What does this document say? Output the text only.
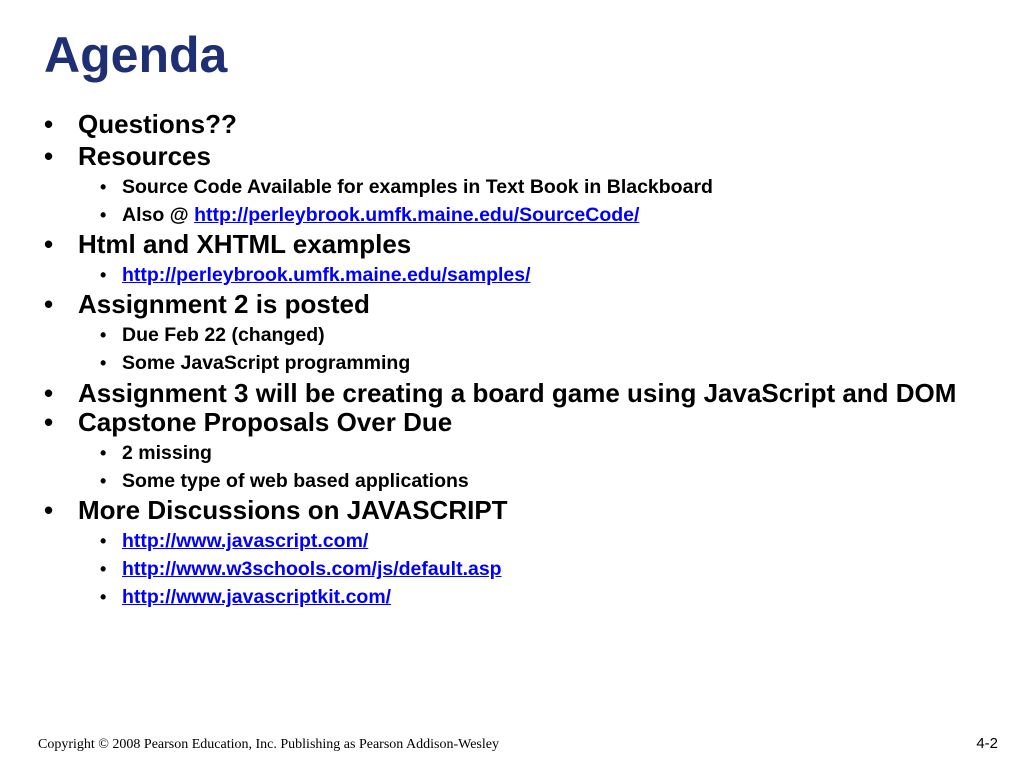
Agenda
• Questions??
• Resources
• Source Code Available for examples in Text Book in Blackboard
• Also @ http://perleybrook.umfk.maine.edu/SourceCode/
• Html and XHTML examples
• http://perleybrook.umfk.maine.edu/samples/
• Assignment 2 is posted
• Due Feb 22 (changed)
• Some JavaScript programming
• Assignment 3 will be creating a board game using JavaScript and DOM
• Capstone Proposals Over Due
• 2 missing
• Some type of web based applications
• More Discussions on JAVASCRIPT
• http://www.javascript.com/
• http://www.w3schools.com/js/default.asp
• http://www.javascriptkit.com/
Copyright © 2008 Pearson Education, Inc. Publishing as Pearson Addison-Wesley	4-2
